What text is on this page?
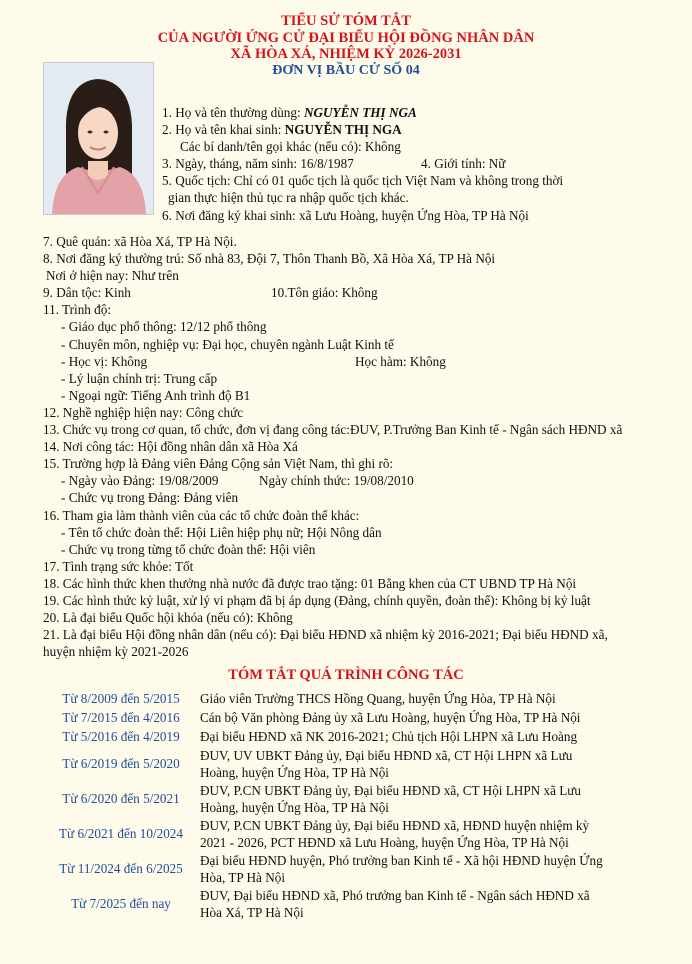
TIỂU SỬ TÓM TẮT
CỦA NGƯỜI ỨNG CỬ ĐẠI BIỂU HỘI ĐỒNG NHÂN DÂN
XÃ HÒA XÁ, NHIỆM KỲ 2026-2031
ĐƠN VỊ BẦU CỬ SỐ 04
1. Họ và tên thường dùng: NGUYỄN THỊ NGA
2. Họ và tên khai sinh: NGUYỄN THỊ NGA
Các bí danh/tên gọi khác (nếu có): Không
3. Ngày, tháng, năm sinh: 16/8/1987	4. Giới tính: Nữ
5. Quốc tịch: Chỉ có 01 quốc tịch là quốc tịch Việt Nam và không trong thời
gian thực hiện thủ tục ra nhập quốc tịch khác.
6. Nơi đăng ký khai sinh: xã Lưu Hoàng, huyện Ứng Hòa, TP Hà Nội
7. Quê quán: xã Hòa Xá, TP Hà Nội.
8. Nơi đăng ký thường trú: Số nhà 83, Đội 7, Thôn Thanh Bồ, Xã Hòa Xá, TP Hà Nội
Nơi ở hiện nay: Như trên
9. Dân tộc: Kinh	10.Tôn giáo: Không
11. Trình độ:
- Giáo dục phổ thông: 12/12 phổ thông
- Chuyên môn, nghiệp vụ: Đại học, chuyên ngành Luật Kinh tế
- Học vị: Không	Học hàm: Không
- Lý luận chính trị: Trung cấp
- Ngoại ngữ: Tiếng Anh trình độ B1
12. Nghề nghiệp hiện nay: Công chức
13. Chức vụ trong cơ quan, tổ chức, đơn vị đang công tác:ĐUV, P.Trưởng Ban Kinh tế - Ngân sách HĐND xã
14. Nơi công tác: Hội đồng nhân dân xã Hòa Xá
15. Trường hợp là Đảng viên Đảng Cộng sản Việt Nam, thì ghi rõ:
- Ngày vào Đảng: 19/08/2009	Ngày chính thức: 19/08/2010
- Chức vụ trong Đảng: Đảng viên
16. Tham gia làm thành viên của các tổ chức đoàn thể khác:
- Tên tổ chức đoàn thể: Hội Liên hiệp phụ nữ; Hội Nông dân
- Chức vụ trong từng tổ chức đoàn thể: Hội viên
17. Tình trạng sức khỏe: Tốt
18. Các hình thức khen thưởng nhà nước đã được trao tặng: 01 Bằng khen của CT UBND TP Hà Nội
19. Các hình thức kỷ luật, xử lý vi phạm đã bị áp dụng (Đảng, chính quyền, đoàn thể): Không bị kỷ luật
20. Là đại biểu Quốc hội khóa (nếu có): Không
21. Là đại biểu Hội đồng nhân dân (nếu có): Đại biểu HĐND xã nhiệm kỳ 2016-2021; Đại biểu HĐND xã,
huyện nhiệm kỳ 2021-2026
TÓM TẮT QUÁ TRÌNH CÔNG TÁC
Từ 8/2009 đến 5/2015	Giáo viên Trường THCS Hồng Quang, huyện Ứng Hòa, TP Hà Nội

Từ 7/2015 đến 4/2016	Cán bộ Văn phòng Đảng ủy xã Lưu Hoàng, huyện Ứng Hòa, TP Hà Nội

Từ 5/2016 đến 4/2019	Đại biểu HĐND xã NK 2016-2021; Chủ tịch Hội LHPN xã Lưu Hoàng

Từ 6/2019 đến 5/2020	ĐUV, UV UBKT Đảng ủy, Đại biểu HĐND xã, CT Hội LHPN xã Lưu
Hoàng, huyện Ứng Hòa, TP Hà Nội

Từ 6/2020 đến 5/2021	ĐUV, P.CN UBKT Đảng ủy, Đại biểu HĐND xã, CT Hội LHPN xã Lưu
Hoàng, huyện Ứng Hòa, TP Hà Nội

Từ 6/2021 đến 10/2024	ĐUV, P.CN UBKT Đảng ủy, Đại biểu HĐND xã, HĐND huyện nhiệm kỳ
2021 - 2026, PCT HĐND xã Lưu Hoàng, huyện Ứng Hòa, TP Hà Nội

Từ 11/2024 đến 6/2025	Đại biểu HĐND huyện, Phó trưởng ban Kinh tế - Xã hội HĐND huyện Ứng
Hòa, TP Hà Nội

Từ 7/2025 đến nay	ĐUV, Đại biểu HĐND xã, Phó trưởng ban Kinh tế - Ngân sách HĐND xã
Hòa Xá, TP Hà Nội
